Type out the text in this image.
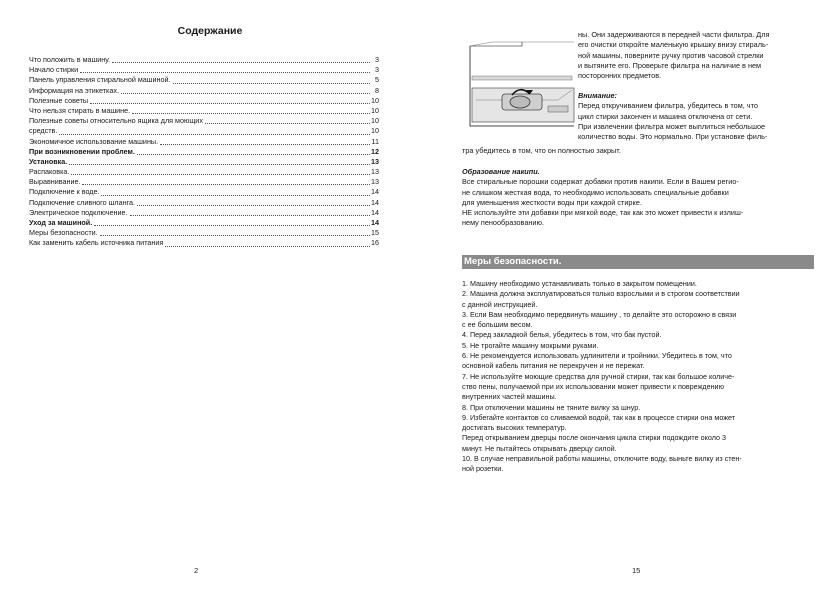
Содержание
Что положить в машину.	3
Начало стирки	3
Панель управления стиральной машиной.	5
Информация на этикетках.	8
Полезные советы	10
Что нельзя стирать в машине.	10
Полезные советы относительно ящика для моющих	10
средств.	10
Экономичное использование машины.	11
При возникновении проблем.	12
Установка.	13
Распаковка.	13
Выравнивание.	13
Подключение к воде.	14
Подключение сливного шланга.	14
Электрическое подключение.	14
Уход за машиной.	14
Меры безопасности.	15
Как заменить кабель источника питания	16
2

ны. Они задерживаются в передней части фильтра. Для

его очистки откройте маленькую крышку внизу стираль-

ной машины, поверните ручку против часовой стрелки

и вытяните его. Проверьте фильтра на наличие в нем

посторонних предметов.

Внимание:

Перед откручиванием фильтра, убедитесь в том, что

цикл стирки закончен и машина отключена от сети.

При извлечении фильтра может выплиться небольшое

количество воды. Это нормально. При установке филь-

тра убедитесь в том, что он полностью закрыт.

Образование накипи.

Все стиральные порошки содержат добавки против накипи. Если в Вашем регио-

не слишком жесткая вода, то необходимо использовать специальные добавки

для уменьшения жесткости воды при каждой стирке.

НЕ используйте эти добавки при мягкой воде, так как это может привести к излиш-

нему пенообразованию.

Меры безопасности.

1. Машину необходимо устанавливать только в закрытом помещении.

2. Машина должна эксплуатироваться только взрослыми и в строгом соответствии

с данной инструкцией.

3. Если Вам необходимо передвинуть машину , то делайте это осторожно в связи

с ее большим весом.

4. Перед закладкой белья, убедитесь в том, что бак пустой.

5. Не трогайте машину мокрыми руками.

6. Не рекомендуется использовать удлинители и тройники. Убедитесь в том, что

основной кабель питания не перекручен и не пережат.

7. Не используйте моющие средства для ручной стирки, так как большое количе-

ство пены, получаемой при их использовании может привести к повреждению

внутренних частей машины.

8. При отключении машины не тяните вилку за шнур.

9. Избегайте контактов со сливаемой водой, так как в процессе стирки она может

достигать высоких температур.

Перед открыванием дверцы после окончания цикла стирки подождите около 3

минут. Не пытайтесь открывать дверцу силой.

10. В случае неправильной работы машины, отключите воду, выньте вилку из стен-

ной розетки.

15
